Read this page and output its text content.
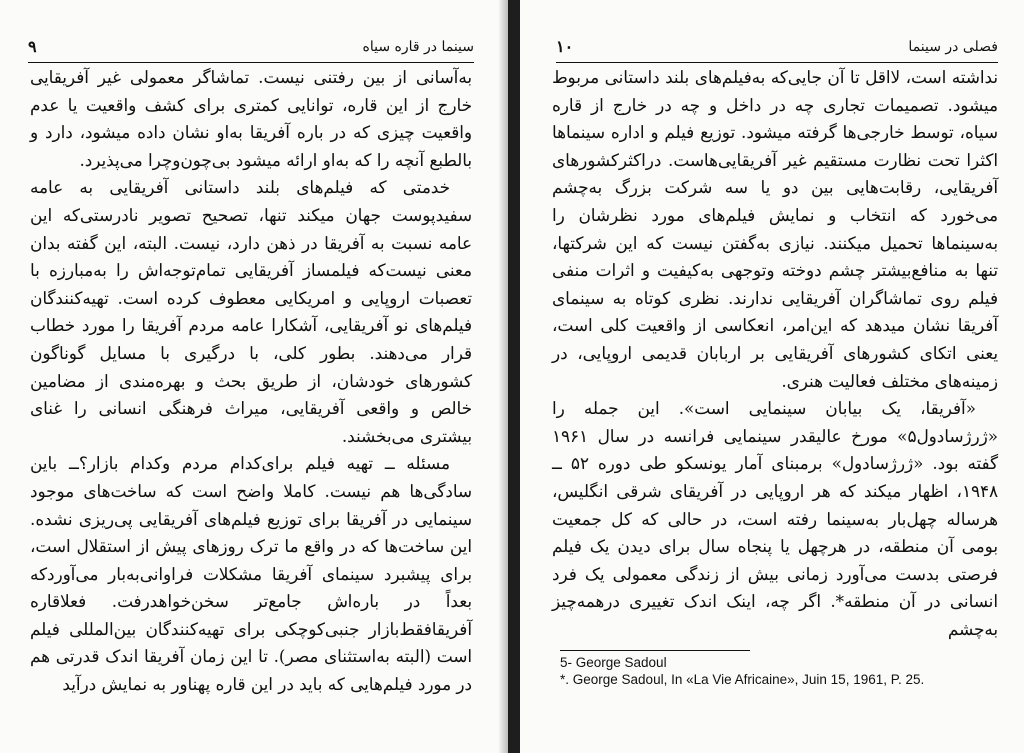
۹	سینما در قاره سیاه

به‌آسانی از بین رفتنی نیست. تماشاگر معمولی غیر آفریقایی خارج از این قاره، توانایی کمتری برای کشف واقعیت یا عدم واقعیت چیزی که در باره آفریقا به‌او نشان داده میشود، دارد و بالطبع آنچه را که به‌او ارائه میشود بی‌چون‌وچرا می‌پذیرد.

خدمتی که فیلم‌های بلند داستانی آفریقایی به عامه سفیدپوست جهان میکند تنها، تصحیح تصویر نادرستی‌که این عامه نسبت به آفریقا در ذهن دارد، نیست. البته، این گفته بدان معنی نیست‌که فیلمساز آفریقایی تمام‌توجه‌اش را به‌مبارزه با تعصبات اروپایی و امریکایی معطوف کرده است. تهیه‌کنندگان فیلم‌های نو آفریقایی، آشکارا عامه مردم آفریقا را مورد خطاب قرار می‌دهند. بطور کلی، با درگیری با مسایل گوناگون کشورهای خودشان، از طریق بحث و بهره‌مندی از مضامین خالص و واقعی آفریقایی، میراث فرهنگی انسانی را غنای بیشتری می‌بخشند.

مسئله ــ تهیه فیلم برای‌کدام مردم وکدام بازار؟ــ باین سادگی‌ها هم نیست. کاملا واضح است که ساخت‌های موجود سینمایی در آفریقا برای توزیع فیلم‌های آفریقایی پی‌ریزی نشده. این ساخت‌ها که در واقع ما ترک روزهای پیش از استقلال است، برای پیشبرد سینمای آفریقا مشکلات فراوانی‌به‌بار می‌آوردکه بعداً در باره‌اش جامع‌تر سخن‌خواهدرفت. فعلاقاره آفریقافقط‌بازار جنبی‌کوچکی برای تهیه‌کنندگان بین‌المللی فیلم است (البته به‌استثنای مصر). تا این زمان آفریقا اندک قدرتی هم در مورد فیلم‌هایی که باید در این قاره پهناور به نمایش درآید

۱۰	فصلی در سینما

نداشته است، لااقل تا آن جایی‌که به‌فیلم‌های بلند داستانی مربوط میشود. تصمیمات تجاری چه در داخل و چه در خارج از قاره سیاه، توسط خارجی‌ها گرفته میشود. توزیع فیلم و اداره سینماها اکثرا تحت نظارت مستقیم غیر آفریقایی‌هاست. دراکثرکشورهای آفریقایی، رقابت‌هایی بین دو یا سه شرکت بزرگ به‌چشم می‌خورد که انتخاب و نمایش فیلم‌های مورد نظرشان را به‌سینماها تحمیل میکنند. نیازی به‌گفتن نیست که این شرکتها، تنها به منافع‌بیشتر چشم دوخته وتوجهی به‌کیفیت و اثرات منفی فیلم روی تماشاگران آفریقایی ندارند. نظری کوتاه به سینمای آفریقا نشان میدهد که این‌امر، انعکاسی از واقعیت کلی است، یعنی اتکای کشورهای آفریقایی بر اربابان قدیمی اروپایی، در زمینه‌های مختلف فعالیت هنری.

«آفریقا، یک بیابان سینمایی است». این جمله را «ژرژسادول۵» مورخ عالیقدر سینمایی فرانسه در سال ۱۹۶۱ گفته بود. «ژرژسادول» برمبنای آمار یونسکو طی دوره ۵۲ ــ ۱۹۴۸، اظهار میکند که هر اروپایی در آفریقای شرقی انگلیس، هرساله چهل‌بار به‌سینما رفته است، در حالی که کل جمعیت بومی آن منطقه، در هرچهل یا پنجاه سال برای دیدن یک فیلم فرصتی بدست می‌آورد زمانی بیش از زندگی معمولی یک فرد انسانی در آن منطقه*. اگر چه، اینک اندک تغییری درهمه‌چیز به‌چشم

5- George Sadoul

*. George Sadoul, In «La Vie Africaine», Juin 15, 1961, P. 25.
